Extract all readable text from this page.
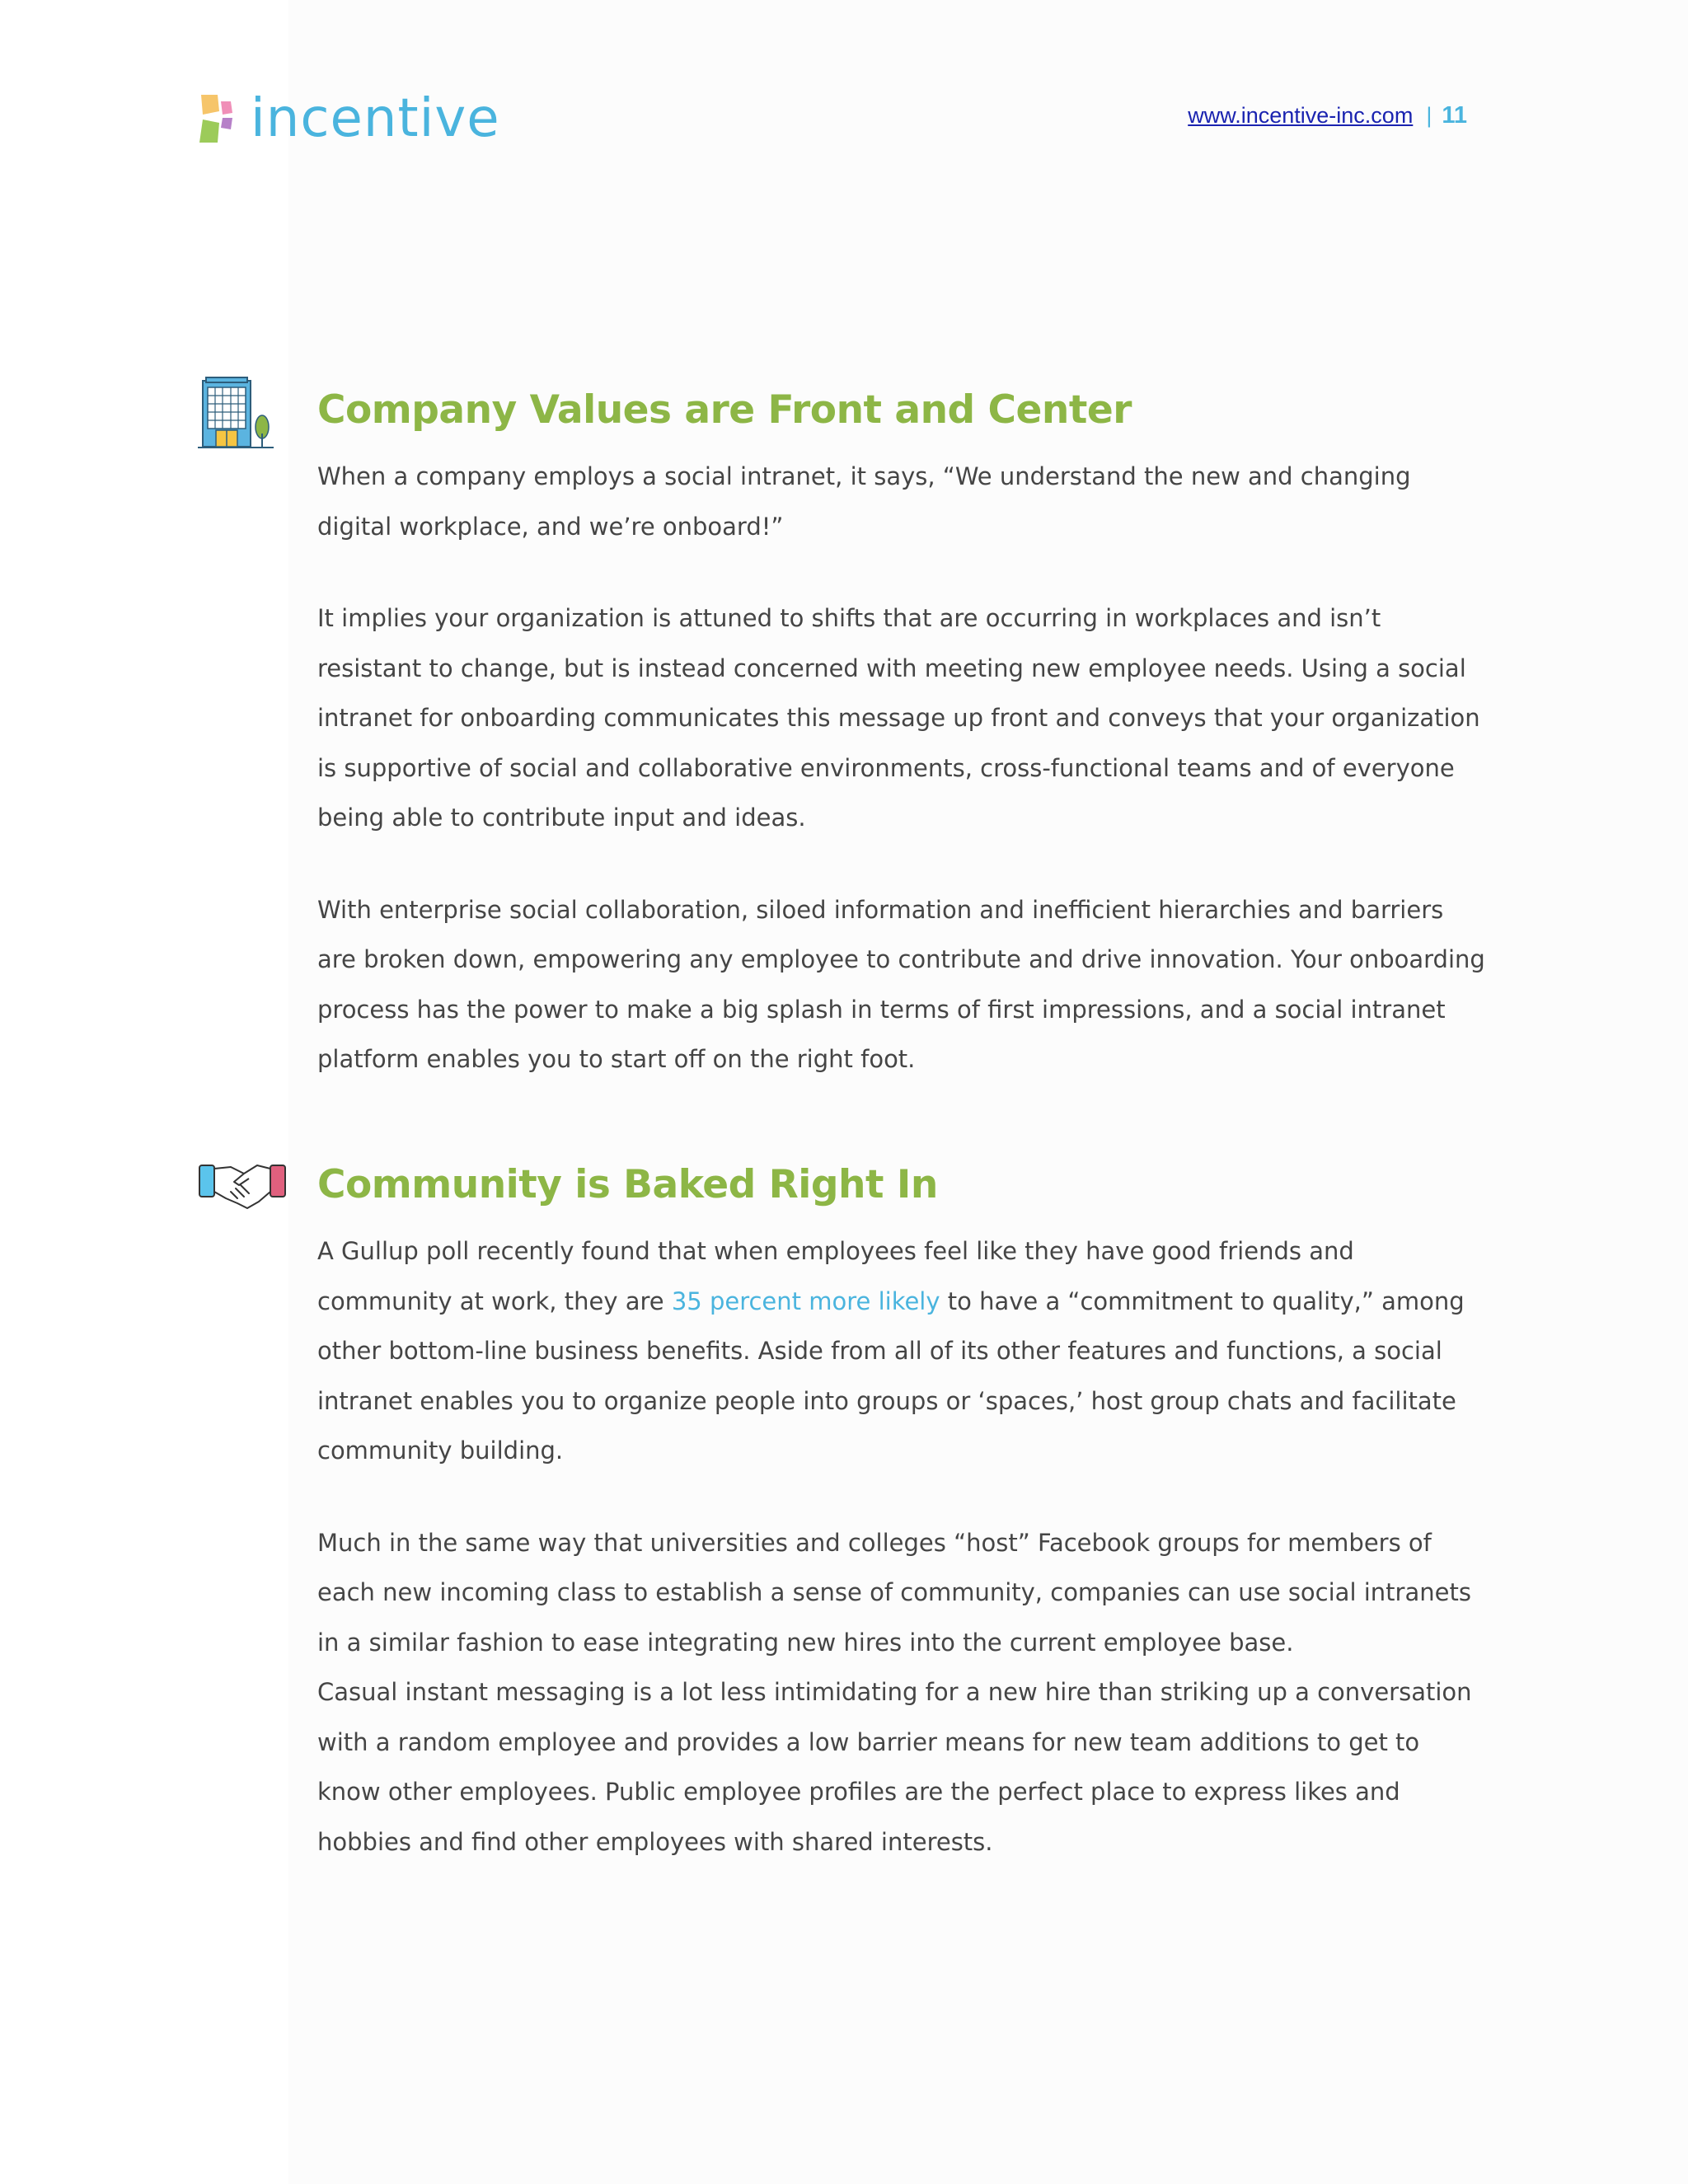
incentive	www.incentive-inc.com | 11
Company Values are Front and Center

When a company employs a social intranet, it says, “We understand the new and changing digital workplace, and we’re onboard!”

It implies your organization is attuned to shifts that are occurring in workplaces and isn’t resistant to change, but is instead concerned with meeting new employee needs. Using a social intranet for onboarding communicates this message up front and conveys that your organization is supportive of social and collaborative environments, cross-functional teams and of everyone being able to contribute input and ideas.

With enterprise social collaboration, siloed information and inefficient hierarchies and barriers are broken down, empowering any employee to contribute and drive innovation. Your onboarding process has the power to make a big splash in terms of first impressions, and a social intranet platform enables you to start off on the right foot.

Community is Baked Right In

A Gullup poll recently found that when employees feel like they have good friends and community at work, they are 35 percent more likely to have a “commitment to quality,” among other bottom-line business benefits. Aside from all of its other features and functions, a social intranet enables you to organize people into groups or ‘spaces,’ host group chats and facilitate community building.

Much in the same way that universities and colleges “host” Facebook groups for members of each new incoming class to establish a sense of community, companies can use social intranets in a similar fashion to ease integrating new hires into the current employee base.

Casual instant messaging is a lot less intimidating for a new hire than striking up a conversation with a random employee and provides a low barrier means for new team additions to get to know other employees. Public employee profiles are the perfect place to express likes and hobbies and find other employees with shared interests.
